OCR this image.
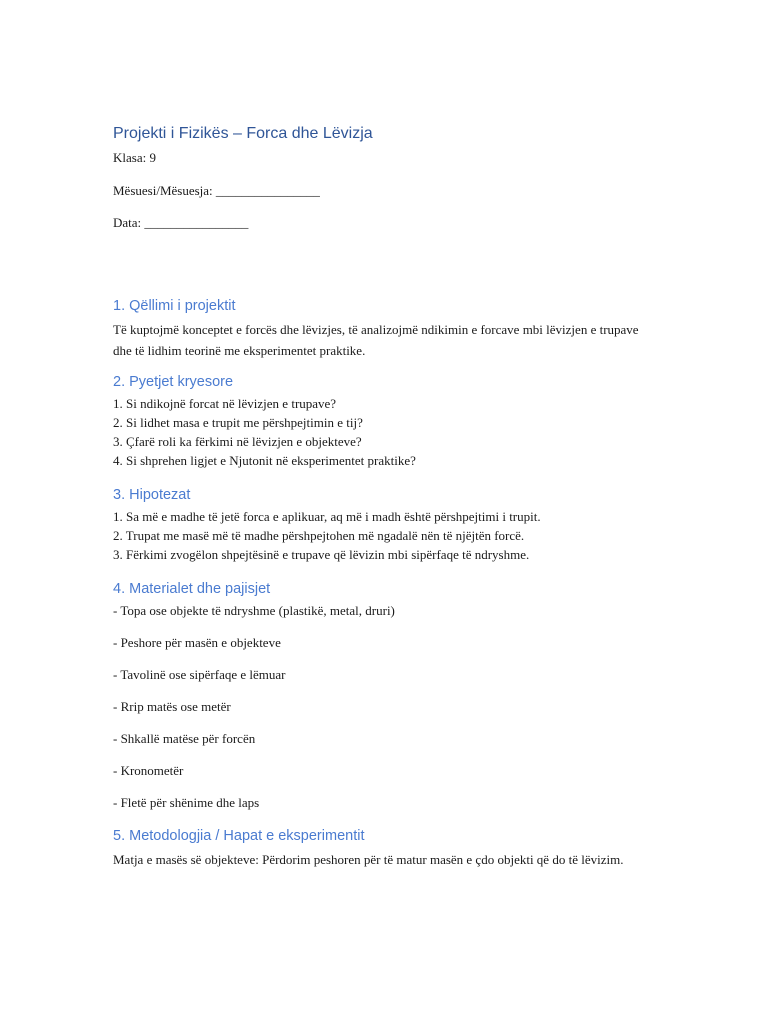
Projekti i Fizikës – Forca dhe Lëvizja
Klasa: 9
Mësuesi/Mësuesja: ________________
Data: ________________
1. Qëllimi i projektit
Të kuptojmë konceptet e forcës dhe lëvizjes, të analizojmë ndikimin e forcave mbi lëvizjen e trupave dhe të lidhim teorinë me eksperimentet praktike.
2. Pyetjet kryesore
1. Si ndikojnë forcat në lëvizjen e trupave?
2. Si lidhet masa e trupit me përshpejtimin e tij?
3. Çfarë roli ka fërkimi në lëvizjen e objekteve?
4. Si shprehen ligjet e Njutonit në eksperimentet praktike?
3. Hipotezat
1. Sa më e madhe të jetë forca e aplikuar, aq më i madh është përshpejtimi i trupit.
2. Trupat me masë më të madhe përshpejtohen më ngadalë nën të njëjtën forcë.
3. Fërkimi zvogëlon shpejtësinë e trupave që lëvizin mbi sipërfaqe të ndryshme.
4. Materialet dhe pajisjet
- Topa ose objekte të ndryshme (plastikë, metal, druri)
- Peshore për masën e objekteve
- Tavolinë ose sipërfaqe e lëmuar
- Rrip matës ose metër
- Shkallë matëse për forcën
- Kronometër
- Fletë për shënime dhe laps
5. Metodologjia / Hapat e eksperimentit
Matja e masës së objekteve: Përdorim peshoren për të matur masën e çdo objekti që do të lëvizim.
